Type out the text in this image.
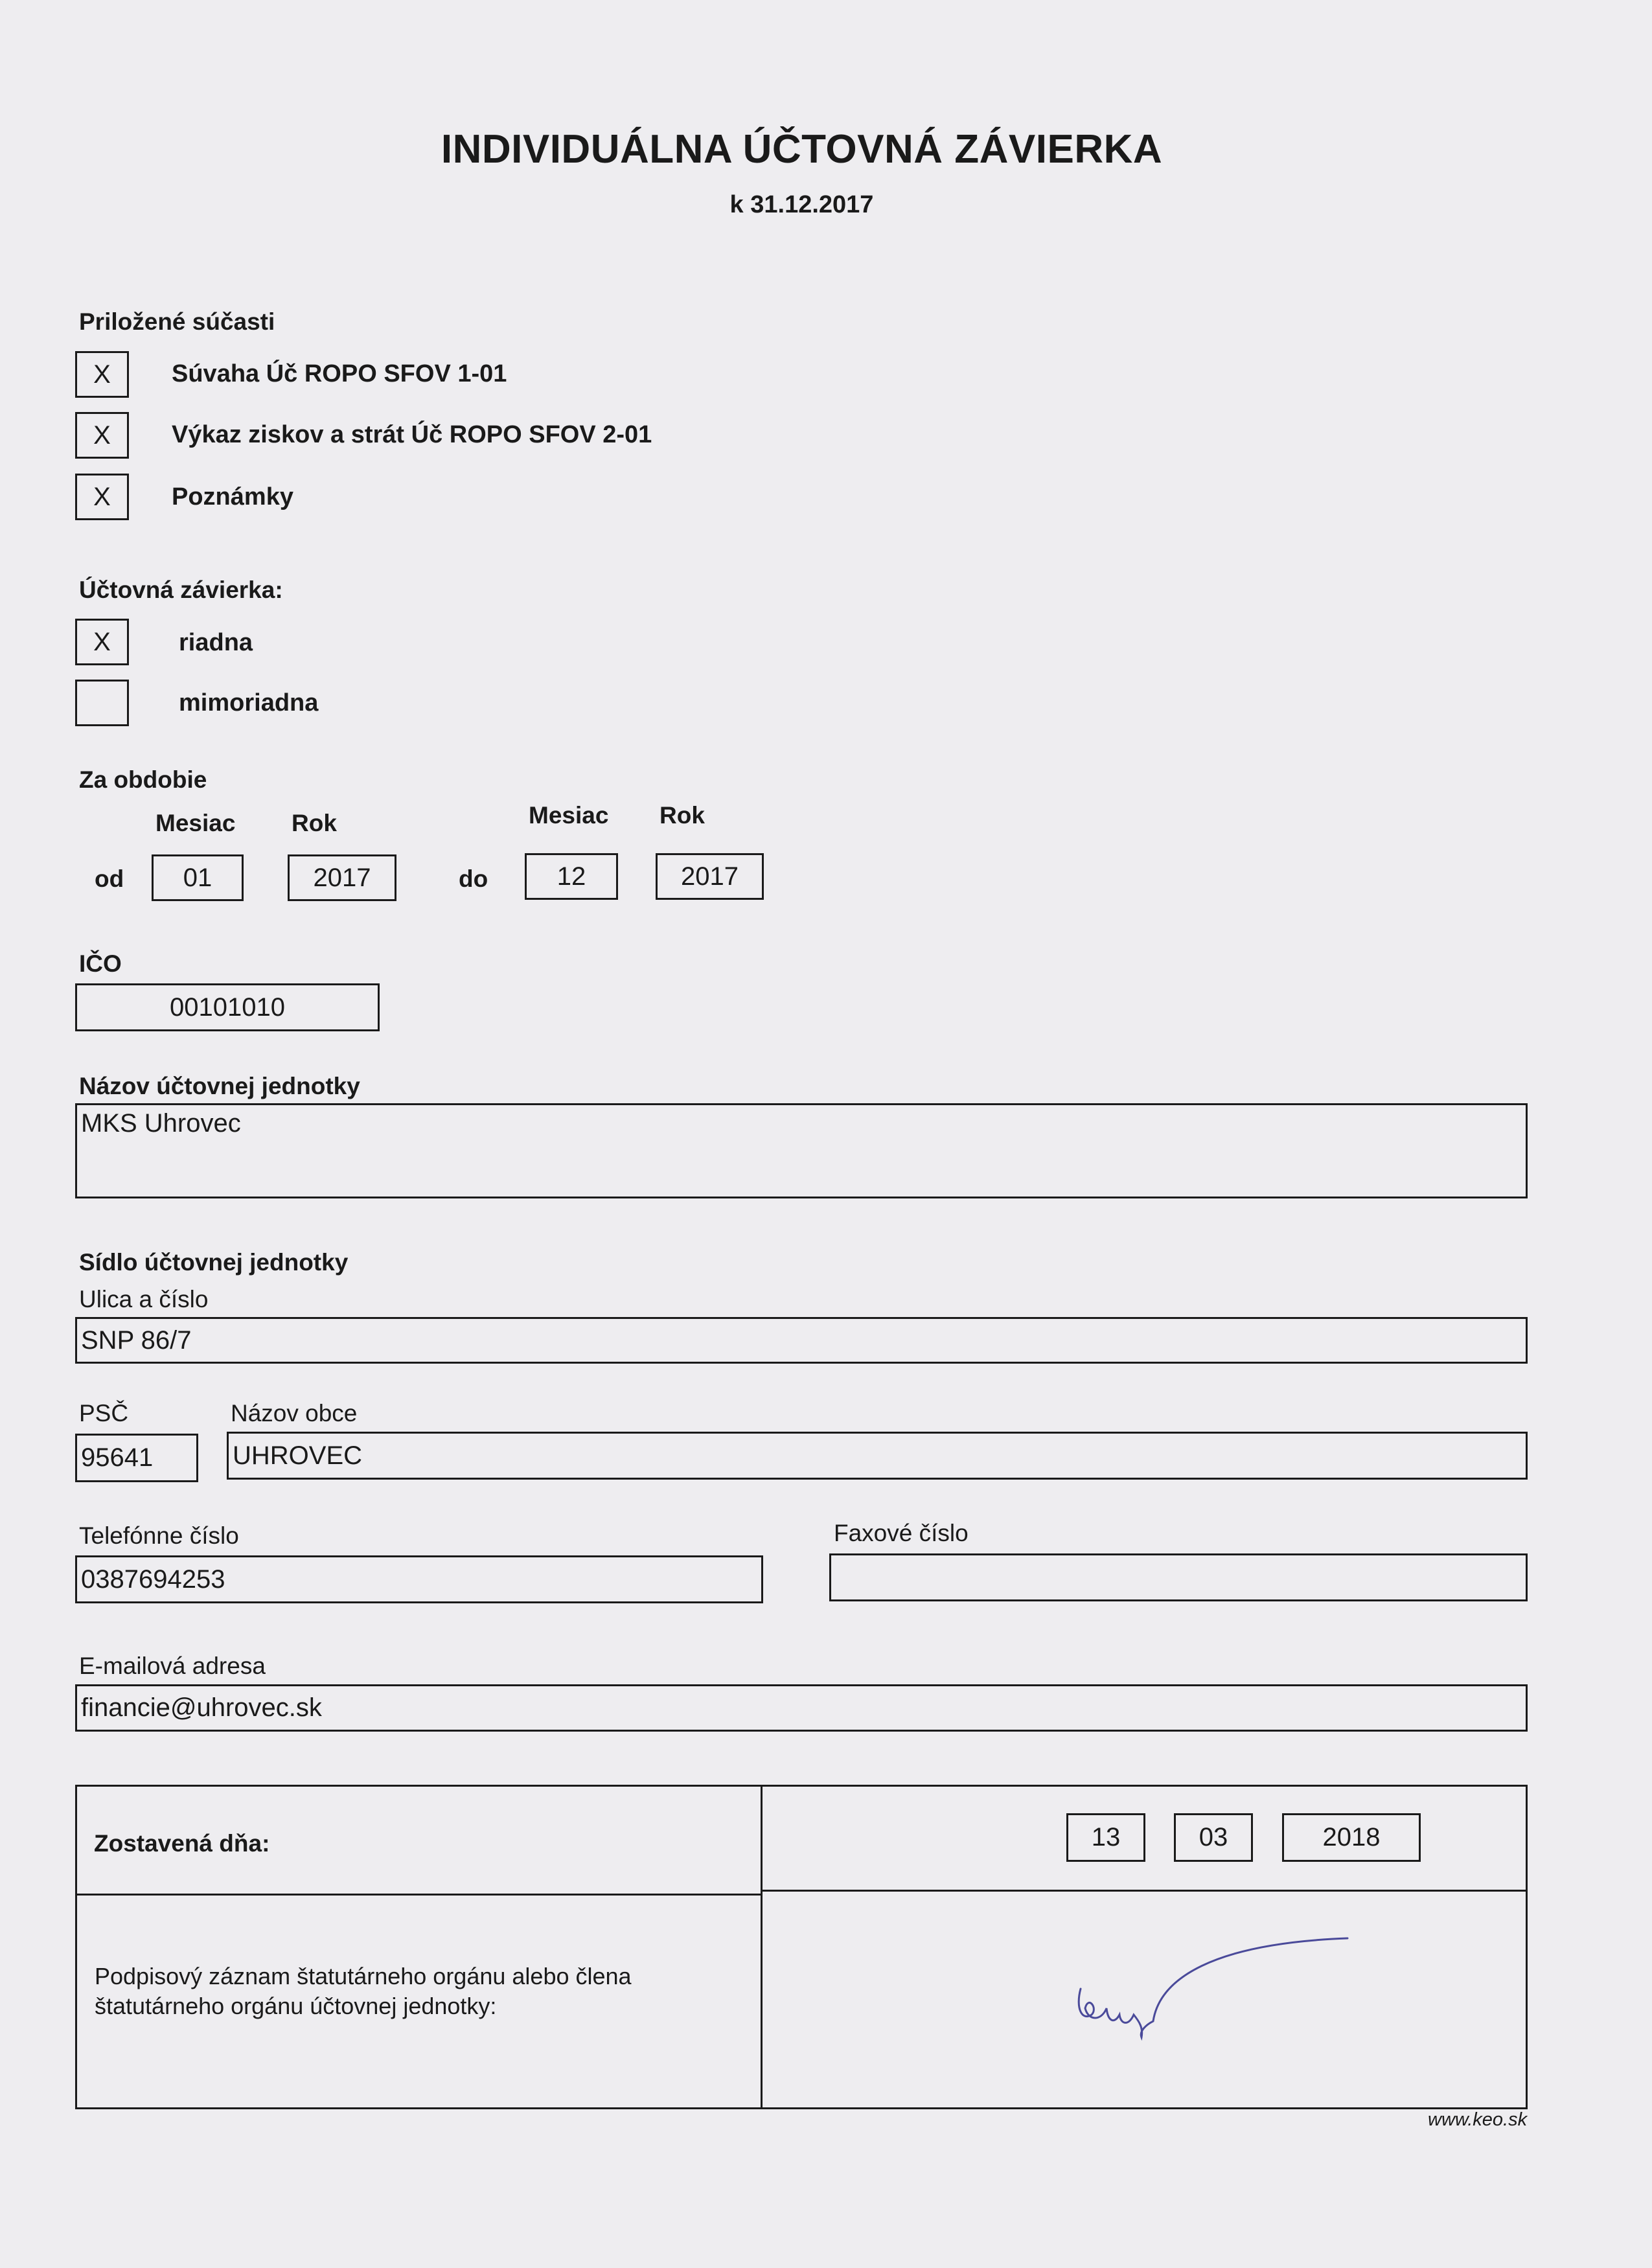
INDIVIDUÁLNA ÚČTOVNÁ ZÁVIERKA
k 31.12.2017
Priložené súčasti
X	Súvaha Úč ROPO SFOV 1-01
X	Výkaz ziskov a strát Úč ROPO SFOV 2-01
X	Poznámky
Účtovná závierka:
X	riadna
mimoriadna
Za obdobie
Mesiac Rok	Mesiac Rok
od	01	2017	do	12	2017
IČO
00101010
Názov účtovnej jednotky
MKS Uhrovec
Sídlo účtovnej jednotky
Ulica a číslo
SNP 86/7
PSČ	Názov obce
95641	UHROVEC
Telefónne číslo	Faxové číslo
0387694253
E-mailová adresa
financie@uhrovec.sk
Zostavená dňa:	13	03	2018
Podpisový záznam štatutárneho orgánu alebo člena
štatutárneho orgánu účtovnej jednotky:
www.keo.sk
